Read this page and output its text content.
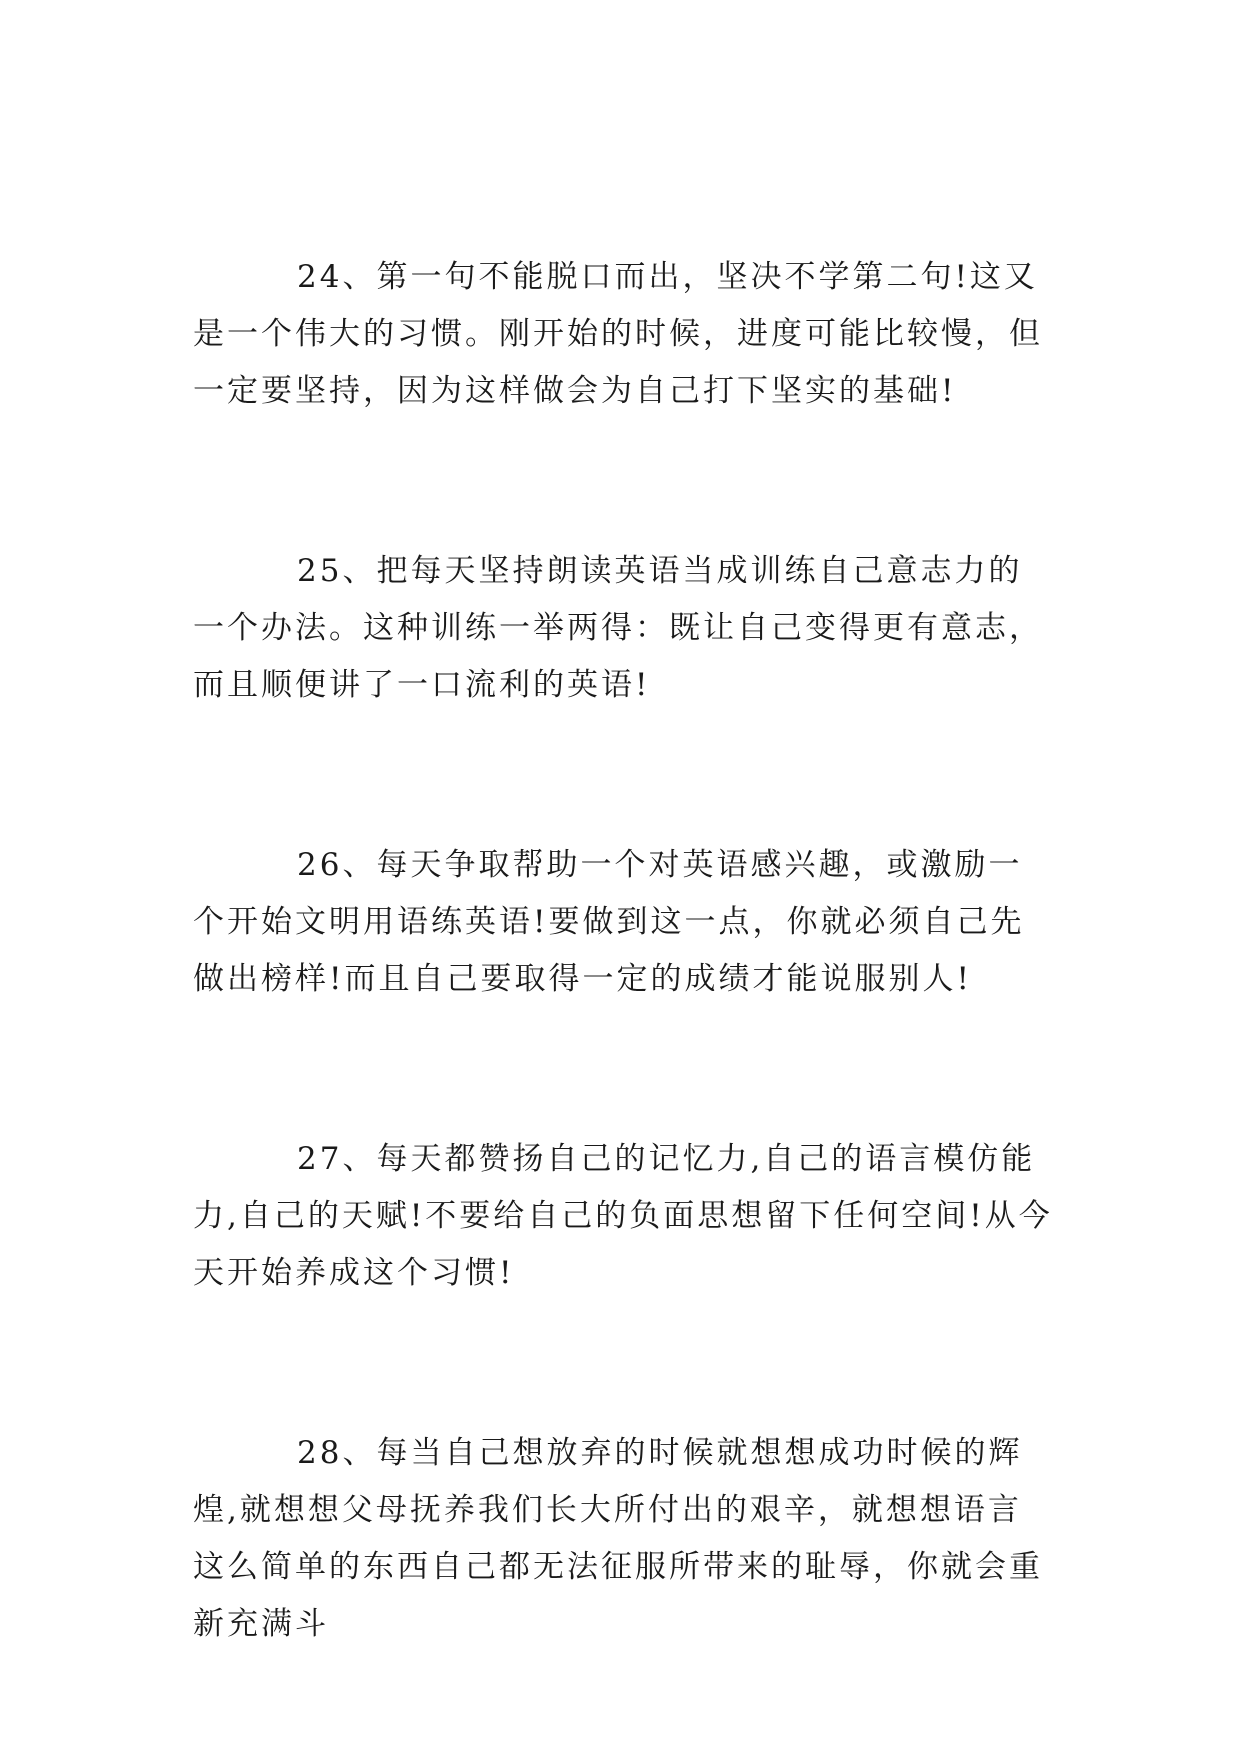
24、第一句不能脱口而出，坚决不学第二句!这又是一个伟大的习惯。刚开始的时候，进度可能比较慢，但一定要坚持，因为这样做会为自己打下坚实的基础!

25、把每天坚持朗读英语当成训练自己意志力的一个办法。这种训练一举两得：既让自己变得更有意志，而且顺便讲了一口流利的英语!

26、每天争取帮助一个对英语感兴趣，或激励一个开始文明用语练英语!要做到这一点，你就必须自己先做出榜样!而且自己要取得一定的成绩才能说服别人!

27、每天都赞扬自己的记忆力,自己的语言模仿能力,自己的天赋!不要给自己的负面思想留下任何空间!从今天开始养成这个习惯!

28、每当自己想放弃的时候就想想成功时候的辉煌,就想想父母抚养我们长大所付出的艰辛，就想想语言这么简单的东西自己都无法征服所带来的耻辱，你就会重新充满斗
